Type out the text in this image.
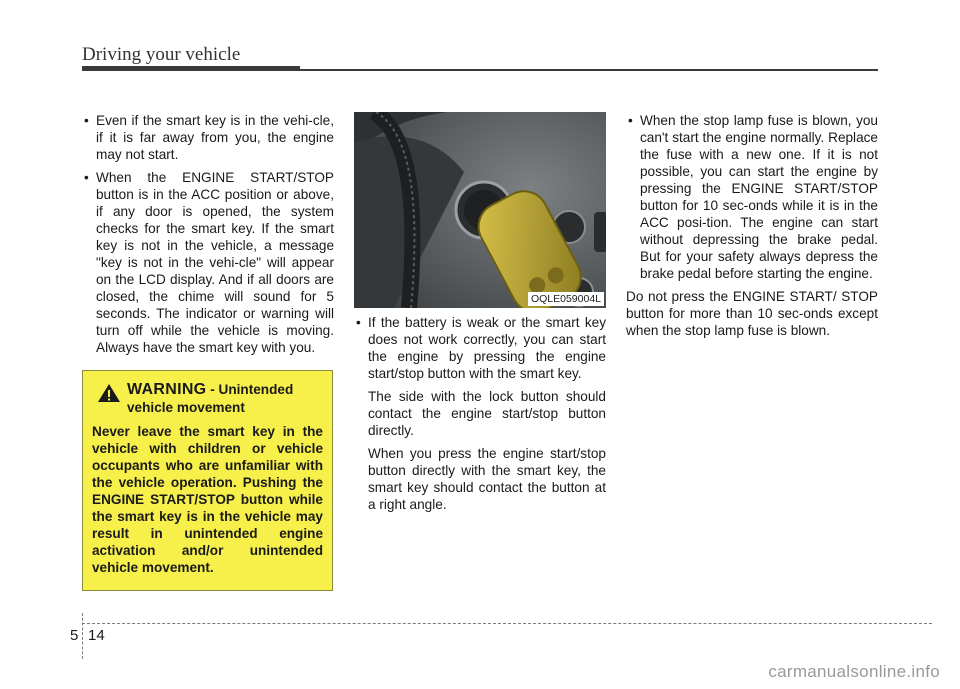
Driving your vehicle

• Even if the smart key is in the vehi-cle, if it is far away from you, the engine may not start.

• When the ENGINE START/STOP button is in the ACC position or above, if any door is opened, the system checks for the smart key. If the smart key is not in the vehicle, a message "key is not in the vehi-cle" will appear on the LCD display. And if all doors are closed, the chime will sound for 5 seconds. The indicator or warning will turn off while the vehicle is moving. Always have the smart key with you.

WARNING - Unintended vehicle movement
Never leave the smart key in the vehicle with children or vehicle occupants who are unfamiliar with the vehicle operation. Pushing the ENGINE START/STOP button while the smart key is in the vehicle may result in unintended engine activation and/or unintended vehicle movement.
OQLE059004L

• If the battery is weak or the smart key does not work correctly, you can start the engine by pressing the engine start/stop button with the smart key.

The side with the lock button should contact the engine start/stop button directly.

When you press the engine start/stop button directly with the smart key, the smart key should contact the button at a right angle.

• When the stop lamp fuse is blown, you can't start the engine normally. Replace the fuse with a new one. If it is not possible, you can start the engine by pressing the ENGINE START/STOP button for 10 sec-onds while it is in the ACC posi-tion. The engine can start without depressing the brake pedal. But for your safety always depress the brake pedal before starting the engine.

Do not press the ENGINE START/ STOP button for more than 10 sec-onds except when the stop lamp fuse is blown.

5 14
carmanualsonline.info
